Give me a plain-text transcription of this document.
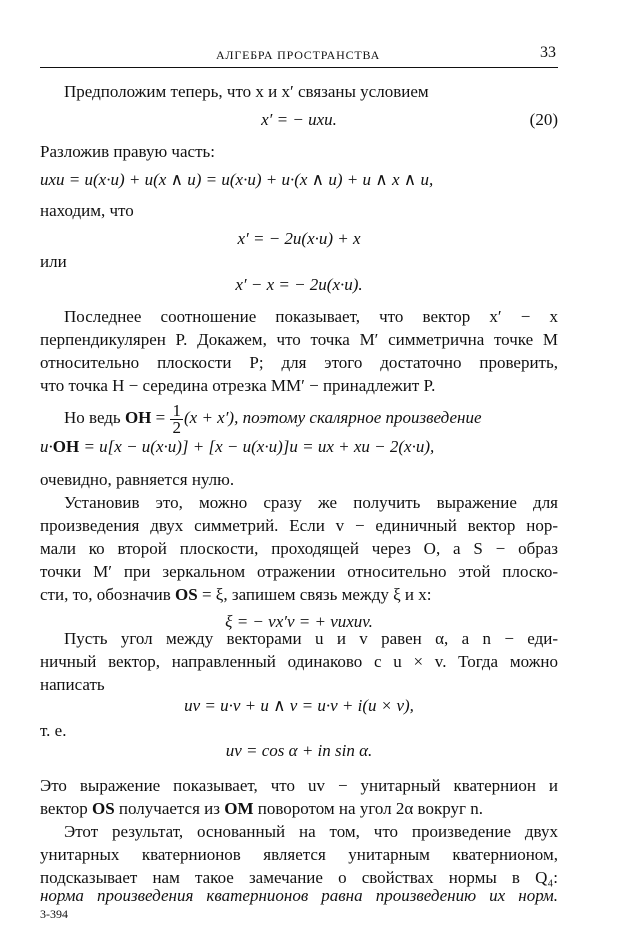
АЛГЕБРА ПРОСТРАНСТВА	33
Предположим теперь, что x и x′ связаны условием
x′ = − uxu.	(20)
Разложив правую часть:
uxu = u(x·u) + u(x ∧ u) = u(x·u) + u·(x ∧ u) + u ∧ x ∧ u,
находим, что
x′ = − 2u(x·u) + x
или
x′ − x = − 2u(x·u).
Последнее соотношение показывает, что вектор x′ − x
перпендикулярен P. Докажем, что точка M′ симметрична точке M
относительно плоскости P; для этого достаточно проверить,
что точка H − середина отрезка MM′ − принадлежит P.
Но ведь OH = $\frac{1}{2} (x + x')$, поэтому скалярное произведение
u·OH = u[x − u(x·u)] + [x − u(x·u)]u = ux + xu − 2(x·u),
очевидно, равняется нулю.
Установив это, можно сразу же получить выражение для
произведения двух симметрий. Если v − единичный вектор нор-
мали ко второй плоскости, проходящей через O, а S − образ
точки M′ при зеркальном отражении относительно этой плоско-
сти, то, обозначив OS = ξ, запишем связь между ξ и x:
ξ = − vx′v = + vuxuv.
Пусть угол между векторами u и v равен α, а n − еди-
ничный вектор, направленный одинаково с u × v. Тогда можно
написать
uv = u·v + u ∧ v = u·v + i(u × v),
т. е.
uv = cos α + in sin α.
Это выражение показывает, что uv − унитарный кватернион и
вектор OS получается из OM поворотом на угол 2α вокруг n.
Этот результат, основанный на том, что произведение двух
унитарных кватернионов является унитарным кватернионом,
подсказывает нам такое замечание о свойствах нормы в Q₄:
норма произведения кватернионов равна произведению их норм.
3-394
